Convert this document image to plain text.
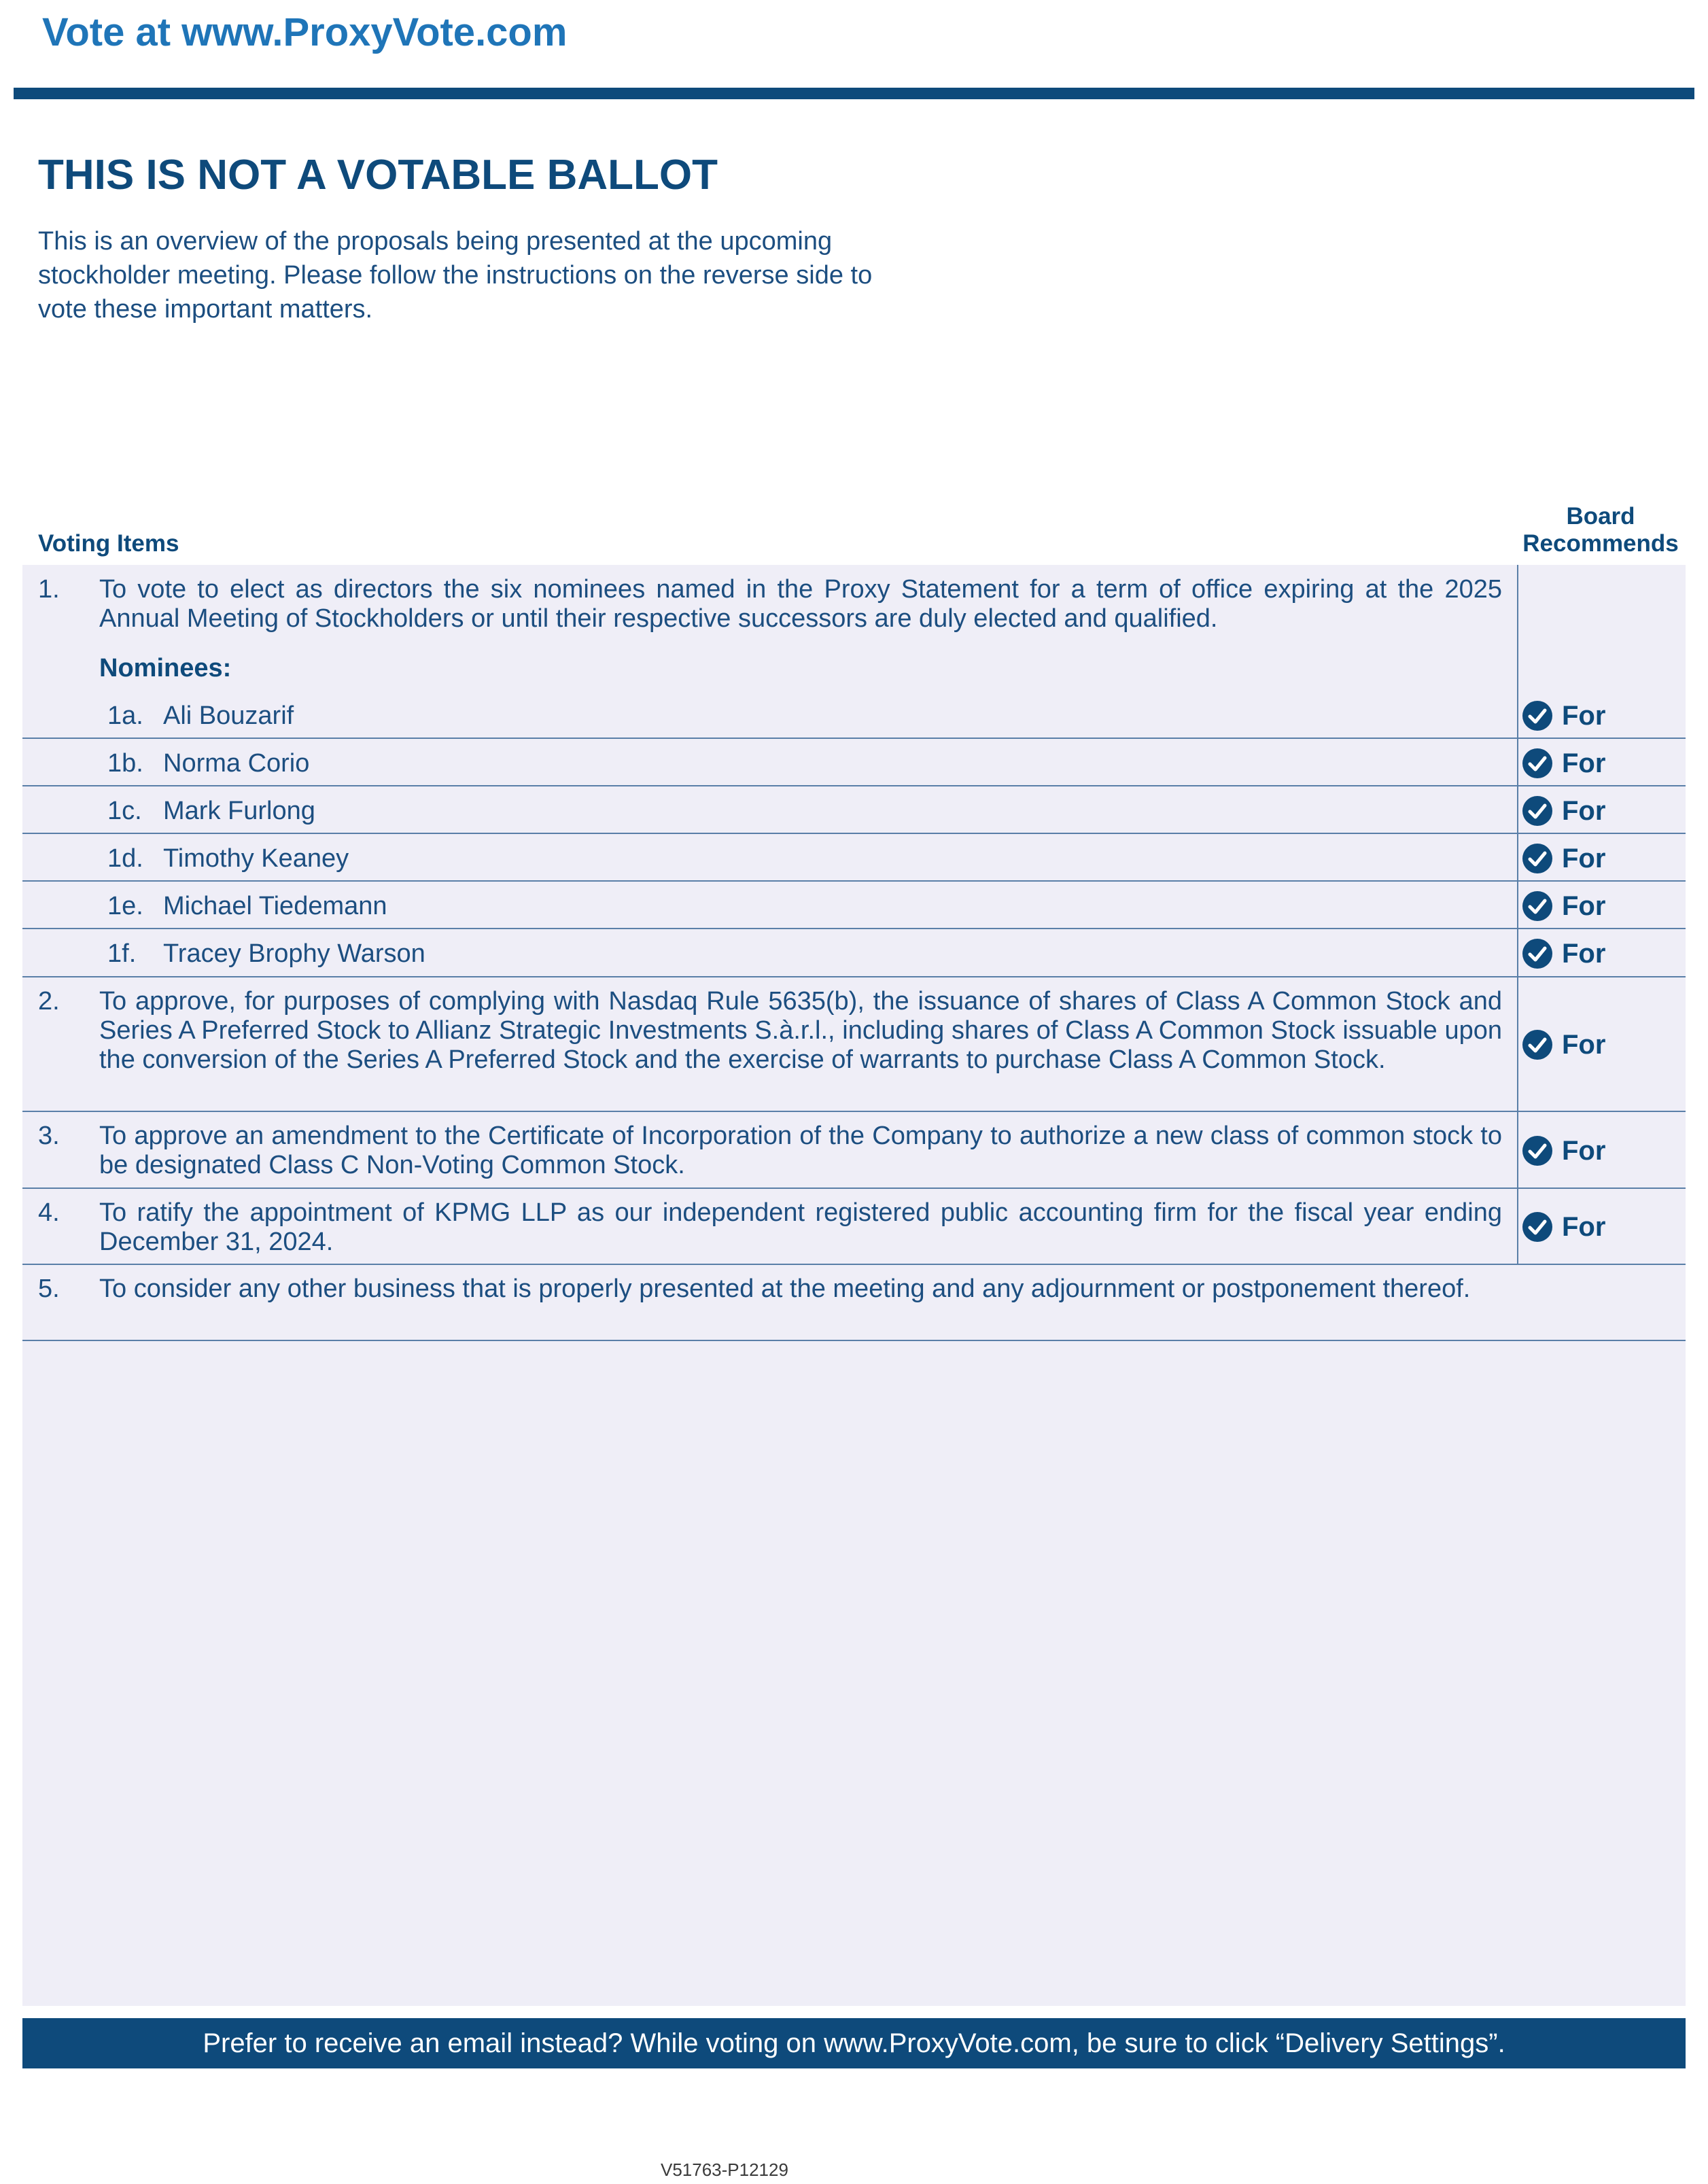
Vote at www.ProxyVote.com
THIS IS NOT A VOTABLE BALLOT
This is an overview of the proposals being presented at the upcoming stockholder meeting. Please follow the instructions on the reverse side to vote these important matters.
Voting Items
Board
Recommends
1. To vote to elect as directors the six nominees named in the Proxy Statement for a term of office expiring at the 2025 Annual Meeting of Stockholders or until their respective successors are duly elected and qualified.
Nominees:
1a. Ali Bouzarif	For
1b. Norma Corio	For
1c. Mark Furlong	For
1d. Timothy Keaney	For
1e. Michael Tiedemann	For
1f.	Tracey Brophy Warson	For
2. To approve, for purposes of complying with Nasdaq Rule 5635(b), the issuance of shares of Class A Common Stock and Series A Preferred Stock to Allianz Strategic Investments S.à.r.l., including shares of Class A Common Stock issuable upon the conversion of the Series A Preferred Stock and the exercise of warrants to purchase Class A Common Stock.	For
3. To approve an amendment to the Certificate of Incorporation of the Company to authorize a new class of common stock to be designated Class C Non-Voting Common Stock.	For
4. To ratify the appointment of KPMG LLP as our independent registered public accounting firm for the fiscal year ending December 31, 2024.	For
5. To consider any other business that is properly presented at the meeting and any adjournment or postponement thereof.
Prefer to receive an email instead? While voting on www.ProxyVote.com, be sure to click “Delivery Settings”.
V51763-P12129
